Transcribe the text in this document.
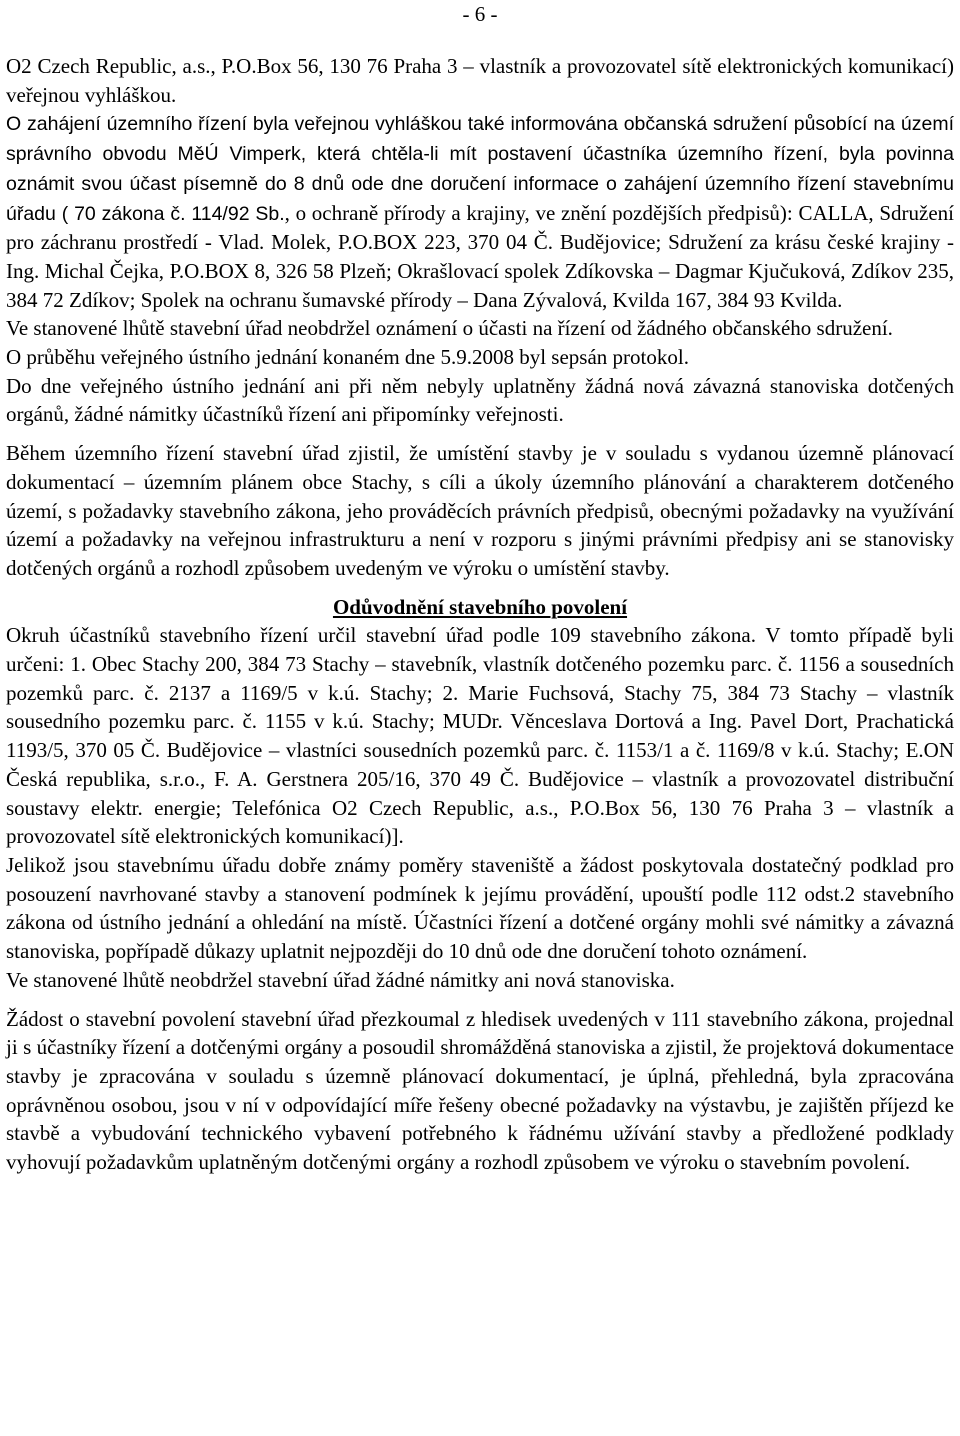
- 6 -

O2 Czech Republic, a.s., P.O.Box 56, 130 76 Praha 3 – vlastník a provozovatel sítě elektronických komunikací) veřejnou vyhláškou.

O zahájení územního řízení byla veřejnou vyhláškou také informována občanská sdružení působící na území správního obvodu MěÚ Vimperk, která chtěla-li mít postavení účastníka územního řízení, byla povinna oznámit svou účast písemně do 8 dnů ode dne doručení informace o zahájení územního řízení stavebnímu úřadu ( 70 zákona č. 114/92 Sb., o ochraně přírody a krajiny, ve znění pozdějších předpisů): CALLA, Sdružení pro záchranu prostředí - Vlad. Molek, P.O.BOX 223, 370 04 Č. Budějovice; Sdružení za krásu české krajiny - Ing. Michal Čejka, P.O.BOX 8, 326 58 Plzeň; Okrašlovací spolek Zdíkovska – Dagmar Kjučuková, Zdíkov 235, 384 72 Zdíkov; Spolek na ochranu šumavské přírody – Dana Zývalová, Kvilda 167, 384 93 Kvilda.

Ve stanovené lhůtě stavební úřad neobdržel oznámení o účasti na řízení od žádného občanského sdružení.

O průběhu veřejného ústního jednání konaném dne 5.9.2008 byl sepsán protokol.

Do dne veřejného ústního jednání ani při něm nebyly uplatněny žádná nová závazná stanoviska dotčených orgánů, žádné námitky účastníků řízení ani připomínky veřejnosti.

Během územního řízení stavební úřad zjistil, že umístění stavby je v souladu s vydanou územně plánovací dokumentací – územním plánem obce Stachy, s cíli a úkoly územního plánování a charakterem dotčeného území, s požadavky stavebního zákona, jeho prováděcích právních předpisů, obecnými požadavky na využívání území a požadavky na veřejnou infrastrukturu a není v rozporu s jinými právními předpisy ani se stanovisky dotčených orgánů a rozhodl způsobem uvedeným ve výroku o umístění stavby.

Odůvodnění stavebního povolení

Okruh účastníků stavebního řízení určil stavební úřad podle 109 stavebního zákona. V tomto případě byli určeni: 1. Obec Stachy 200, 384 73 Stachy – stavebník, vlastník dotčeného pozemku parc. č. 1156 a sousedních pozemků parc. č. 2137 a 1169/5 v k.ú. Stachy; 2. Marie Fuchsová, Stachy 75, 384 73 Stachy – vlastník sousedního pozemku parc. č. 1155 v k.ú. Stachy; MUDr. Věnceslava Dortová a Ing. Pavel Dort, Prachatická 1193/5, 370 05 Č. Budějovice – vlastníci sousedních pozemků parc. č. 1153/1 a č. 1169/8 v k.ú. Stachy; E.ON Česká republika, s.r.o., F. A. Gerstnera 205/16, 370 49 Č. Budějovice – vlastník a provozovatel distribuční soustavy elektr. energie; Telefónica O2 Czech Republic, a.s., P.O.Box 56, 130 76 Praha 3 – vlastník a provozovatel sítě elektronických komunikací)].

Jelikož jsou stavebnímu úřadu dobře známy poměry staveniště a žádost poskytovala dostatečný podklad pro posouzení navrhované stavby a stanovení podmínek k jejímu provádění, upouští podle 112 odst.2 stavebního zákona od ústního jednání a ohledání na místě. Účastníci řízení a dotčené orgány mohli své námitky a závazná stanoviska, popřípadě důkazy uplatnit nejpozději do 10 dnů ode dne doručení tohoto oznámení.

Ve stanovené lhůtě neobdržel stavební úřad žádné námitky ani nová stanoviska.

Žádost o stavební povolení stavební úřad přezkoumal z hledisek uvedených v 111 stavebního zákona, projednal ji s účastníky řízení a dotčenými orgány a posoudil shromážděná stanoviska a zjistil, že projektová dokumentace stavby je zpracována v souladu s územně plánovací dokumentací, je úplná, přehledná, byla zpracována oprávněnou osobou, jsou v ní v odpovídající míře řešeny obecné požadavky na výstavbu, je zajištěn příjezd ke stavbě a vybudování technického vybavení potřebného k řádnému užívání stavby a předložené podklady vyhovují požadavkům uplatněným dotčenými orgány a rozhodl způsobem ve výroku o stavebním povolení.
